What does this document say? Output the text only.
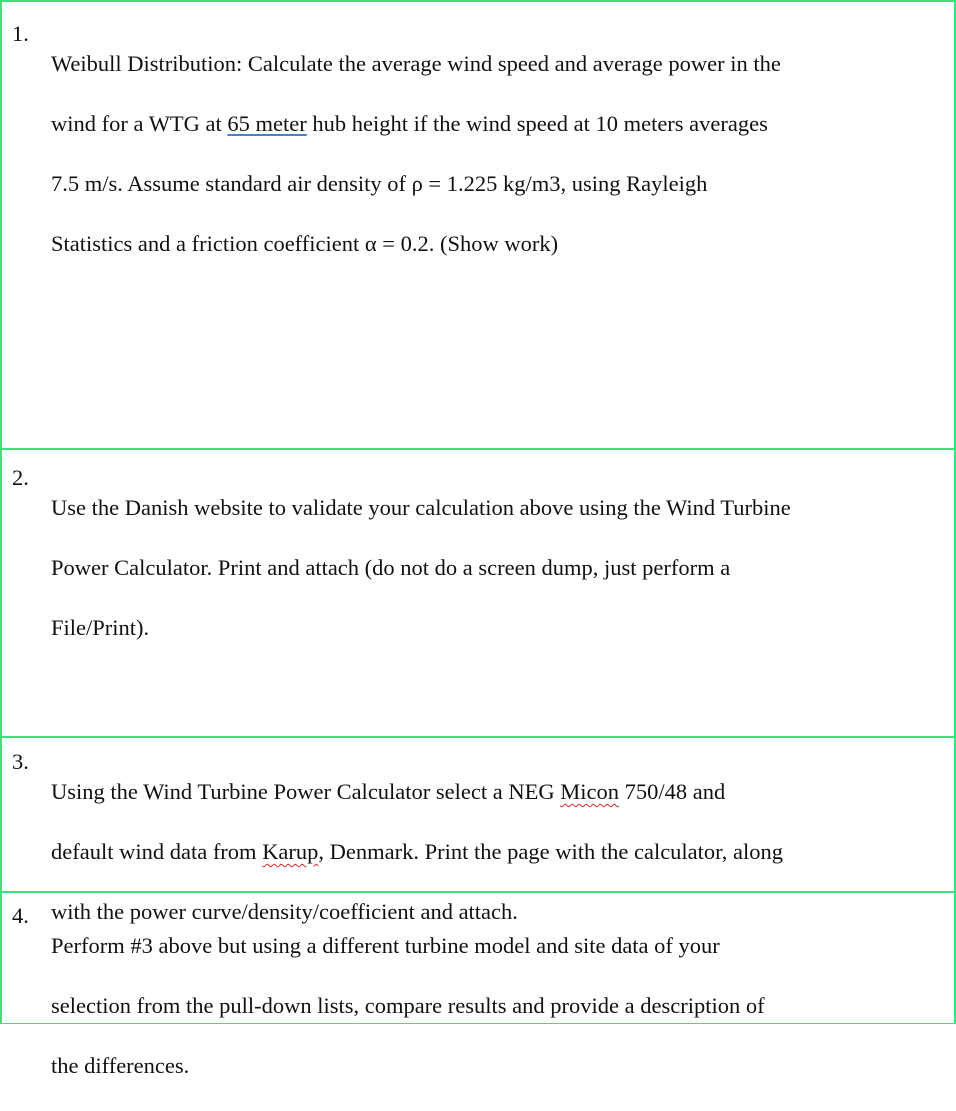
1.

Weibull Distribution: Calculate the average wind speed and average power in the

wind for a WTG at 65 meter hub height if the wind speed at 10 meters averages

7.5 m/s. Assume standard air density of ρ = 1.225 kg/m3, using Rayleigh

Statistics and a friction coefficient α = 0.2. (Show work)

2.

Use the Danish website to validate your calculation above using the Wind Turbine

Power Calculator. Print and attach (do not do a screen dump, just perform a

File/Print).

3.

Using the Wind Turbine Power Calculator select a NEG Micon 750/48 and

default wind data from Karup, Denmark. Print the page with the calculator, along

with the power curve/density/coefficient and attach.

4.

Perform #3 above but using a different turbine model and site data of your

selection from the pull-down lists, compare results and provide a description of

the differences.
